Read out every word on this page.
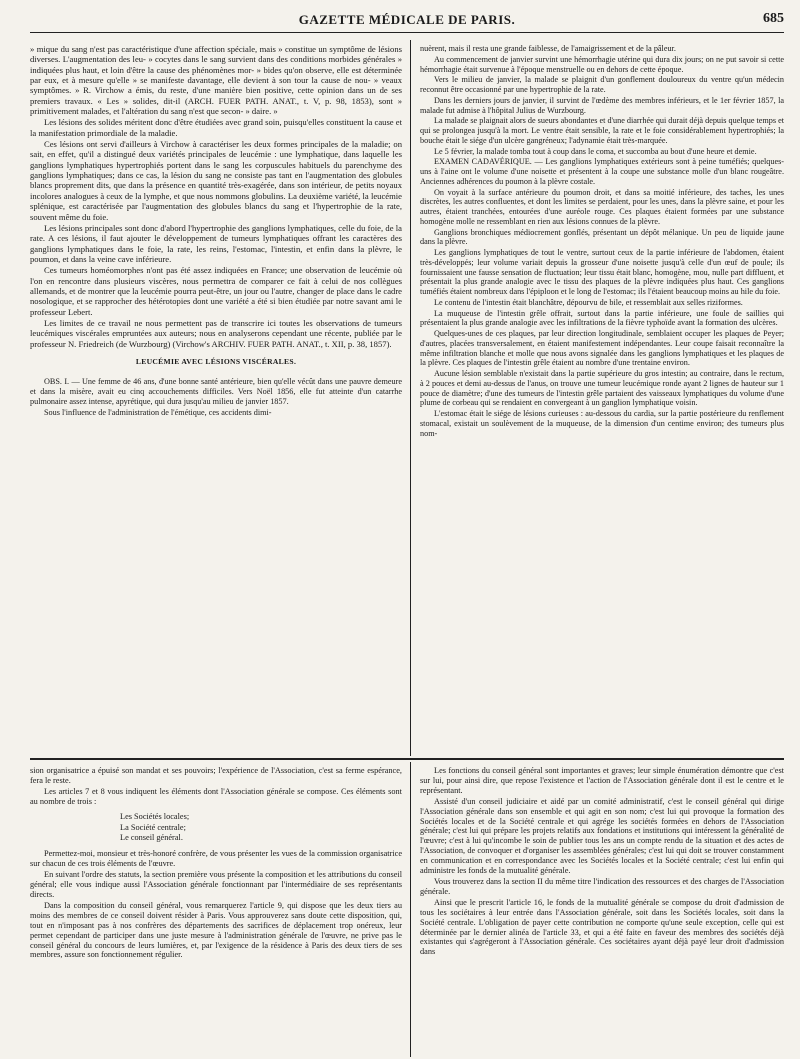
GAZETTE MÉDICALE DE PARIS.	685

» mique du sang n'est pas caractéristique d'une affection spéciale, mais » constitue un symptôme de lésions diverses. L'augmentation des leu- » cocytes dans le sang survient dans des conditions morbides générales » indiquées plus haut, et loin d'être la cause des phénomènes mor- » bides qu'on observe, elle est déterminée par eux, et à mesure qu'elle » se manifeste davantage, elle devient à son tour la cause de nou- » veaux symptômes. » R. Virchow a émis, du reste, d'une manière bien positive, cette opinion dans un de ses premiers travaux. « Les » solides, dit-il (ARCH. FUER PATH. ANAT., t. V, p. 98, 1853), sont » primitivement malades, et l'altération du sang n'est que secon- » daire. »

Les lésions des solides méritent donc d'être étudiées avec grand soin, puisqu'elles constituent la cause et la manifestation primordiale de la maladie.

Ces lésions ont servi d'ailleurs à Virchow à caractériser les deux formes principales de la maladie; on sait, en effet, qu'il a distingué deux variétés principales de leucémie : une lymphatique, dans laquelle les ganglions lymphatiques hypertrophiés portent dans le sang les corpuscules habituels du parenchyme des ganglions lymphatiques; dans ce cas, la lésion du sang ne consiste pas tant en l'augmentation des globules blancs proprement dits, que dans la présence en quantité très-exagérée, dans son intérieur, de petits noyaux incolores analogues à ceux de la lymphe, et que nous nommons globulins. La deuxième variété, la leucémie splénique, est caractérisée par l'augmentation des globules blancs du sang et l'hypertrophie de la rate, souvent même du foie.

Les lésions principales sont donc d'abord l'hypertrophie des ganglions lymphatiques, celle du foie, de la rate. A ces lésions, il faut ajouter le développement de tumeurs lymphatiques offrant les caractères des ganglions lymphatiques dans le foie, la rate, les reins, l'estomac, l'intestin, et enfin dans la plèvre, le poumon, et dans la veine cave inférieure.

Ces tumeurs homéomorphes n'ont pas été assez indiquées en France; une observation de leucémie où l'on en rencontre dans plusieurs viscères, nous permettra de comparer ce fait à celui de nos collègues allemands, et de montrer que la leucémie pourra peut-être, un jour ou l'autre, changer de place dans le cadre nosologique, et se rapprocher des hétérotopies dont une variété a été si bien étudiée par notre savant ami le professeur Lebert.

Les limites de ce travail ne nous permettent pas de transcrire ici toutes les observations de tumeurs leucémiques viscérales empruntées aux auteurs; nous en analyserons cependant une récente, publiée par le professeur N. Friedreich (de Wurzbourg) (Virchow's ARCHIV. FUER PATH. ANAT., t. XII, p. 38, 1857).

LEUCÉMIE AVEC LÉSIONS VISCÉRALES.

OBS. I. — Une femme de 46 ans, d'une bonne santé antérieure, bien qu'elle vécût dans une pauvre demeure et dans la misère, avait eu cinq accouchements difficiles. Vers Noël 1856, elle fut atteinte d'un catarrhe pulmonaire assez intense, apyrétique, qui dura jusqu'au milieu de janvier 1857.

Sous l'influence de l'administration de l'émétique, ces accidents dimi-

nuèrent, mais il resta une grande faiblesse, de l'amaigrissement et de la pâleur.

Au commencement de janvier survint une hémorrhagie utérine qui dura dix jours; on ne put savoir si cette hémorrhagie était survenue à l'époque menstruelle ou en dehors de cette époque.

Vers le milieu de janvier, la malade se plaignit d'un gonflement douloureux du ventre qu'un médecin reconnut être occasionné par une hypertrophie de la rate.

Dans les derniers jours de janvier, il survint de l'œdème des membres inférieurs, et le 1er février 1857, la malade fut admise à l'hôpital Julius de Wurzbourg.

La malade se plaignait alors de sueurs abondantes et d'une diarrhée qui durait déjà depuis quelque temps et qui se prolongea jusqu'à la mort. Le ventre était sensible, la rate et le foie considérablement hypertrophiés; la bouche était le siége d'un ulcère gangréneux; l'adynamie était très-marquée.

Le 5 février, la malade tomba tout à coup dans le coma, et succomba au bout d'une heure et demie.

EXAMEN CADAVÉRIQUE. — Les ganglions lymphatiques extérieurs sont à peine tuméfiés; quelques-uns à l'aine ont le volume d'une noisette et présentent à la coupe une substance molle d'un blanc rougeâtre. Anciennes adhérences du poumon à la plèvre costale.

On voyait à la surface antérieure du poumon droit, et dans sa moitié inférieure, des taches, les unes discrètes, les autres confluentes, et dont les limites se perdaient, pour les unes, dans la plèvre saine, et pour les autres, étaient tranchées, entourées d'une auréole rouge. Ces plaques étaient formées par une substance homogène molle ne ressemblant en rien aux lésions connues de la plèvre.

Ganglions bronchiques médiocrement gonflés, présentant un dépôt mélanique. Un peu de liquide jaune dans la plèvre.

Les ganglions lymphatiques de tout le ventre, surtout ceux de la partie inférieure de l'abdomen, étaient très-développés; leur volume variait depuis la grosseur d'une noisette jusqu'à celle d'un œuf de poule; ils fournissaient une fausse sensation de fluctuation; leur tissu était blanc, homogène, mou, nulle part diffluent, et présentait la plus grande analogie avec le tissu des plaques de la plèvre indiquées plus haut. Ces ganglions tuméfiés étaient nombreux dans l'épiploon et le long de l'estomac; ils l'étaient beaucoup moins au hile du foie.

Le contenu de l'intestin était blanchâtre, dépourvu de bile, et ressemblait aux selles riziformes.

La muqueuse de l'intestin grêle offrait, surtout dans la partie inférieure, une foule de saillies qui présentaient la plus grande analogie avec les infiltrations de la fièvre typhoïde avant la formation des ulcères.

Quelques-unes de ces plaques, par leur direction longitudinale, semblaient occuper les plaques de Peyer; d'autres, placées transversalement, en étaient manifestement indépendantes. Leur coupe faisait reconnaître la même infiltration blanche et molle que nous avons signalée dans les ganglions lymphatiques et les plaques de la plèvre. Ces plaques de l'intestin grêle étaient au nombre d'une trentaine environ.

Aucune lésion semblable n'existait dans la partie supérieure du gros intestin; au contraire, dans le rectum, à 2 pouces et demi au-dessus de l'anus, on trouve une tumeur leucémique ronde ayant 2 lignes de hauteur sur 1 pouce de diamètre; d'une des tumeurs de l'intestin grêle partaient des vaisseaux lymphatiques du volume d'une plume de corbeau qui se rendaient en convergeant à un ganglion lymphatique voisin.

L'estomac était le siége de lésions curieuses : au-dessous du cardia, sur la partie postérieure du renflement stomacal, existait un soulèvement de la muqueuse, de la dimension d'un centime environ; des tumeurs plus nom-

sion organisatrice a épuisé son mandat et ses pouvoirs; l'expérience de l'Association, c'est sa ferme espérance, fera le reste.

Les articles 7 et 8 vous indiquent les éléments dont l'Association générale se compose. Ces éléments sont au nombre de trois :

Les Sociétés locales;

La Société centrale;

Le conseil général.

Permettez-moi, monsieur et très-honoré confrère, de vous présenter les vues de la commission organisatrice sur chacun de ces trois éléments de l'œuvre.

En suivant l'ordre des statuts, la section première vous présente la composition et les attributions du conseil général; elle vous indique aussi l'Association générale fonctionnant par l'intermédiaire de ses représentants directs.

Dans la composition du conseil général, vous remarquerez l'article 9, qui dispose que les deux tiers au moins des membres de ce conseil doivent résider à Paris. Vous approuverez sans doute cette disposition, qui, tout en n'imposant pas à nos confrères des départements des sacrifices de déplacement trop onéreux, leur permet cependant de participer dans une juste mesure à l'administration générale de l'œuvre, ne prive pas le conseil général du concours de leurs lumières, et, par l'exigence de la résidence à Paris des deux tiers de ses membres, assure son fonctionnement régulier.

Les fonctions du conseil général sont importantes et graves; leur simple énumération démontre que c'est sur lui, pour ainsi dire, que repose l'existence et l'action de l'Association générale dont il est le centre et le représentant.

Assisté d'un conseil judiciaire et aidé par un comité administratif, c'est le conseil général qui dirige l'Association générale dans son ensemble et qui agit en son nom; c'est lui qui provoque la formation des Sociétés locales et de la Société centrale et qui agrége les sociétés formées en dehors de l'Association générale; c'est lui qui prépare les projets relatifs aux fondations et institutions qui intéressent la généralité de l'œuvre; c'est à lui qu'incombe le soin de publier tous les ans un compte rendu de la situation et des actes de l'Association, de convoquer et d'organiser les assemblées générales; c'est lui qui doit se trouver constamment en communication et en correspondance avec les Sociétés locales et la Société centrale; c'est lui enfin qui administre les fonds de la mutualité générale.

Vous trouverez dans la section II du même titre l'indication des ressources et des charges de l'Association générale.

Ainsi que le prescrit l'article 16, le fonds de la mutualité générale se compose du droit d'admission de tous les sociétaires à leur entrée dans l'Association générale, soit dans les Sociétés locales, soit dans la Société centrale. L'obligation de payer cette contribution ne comporte qu'une seule exception, celle qui est déterminée par le dernier alinéa de l'article 33, et qui a été faite en faveur des membres des sociétés déjà existantes qui s'agrégeront à l'Association générale. Ces sociétaires ayant déjà payé leur droit d'admission dans
